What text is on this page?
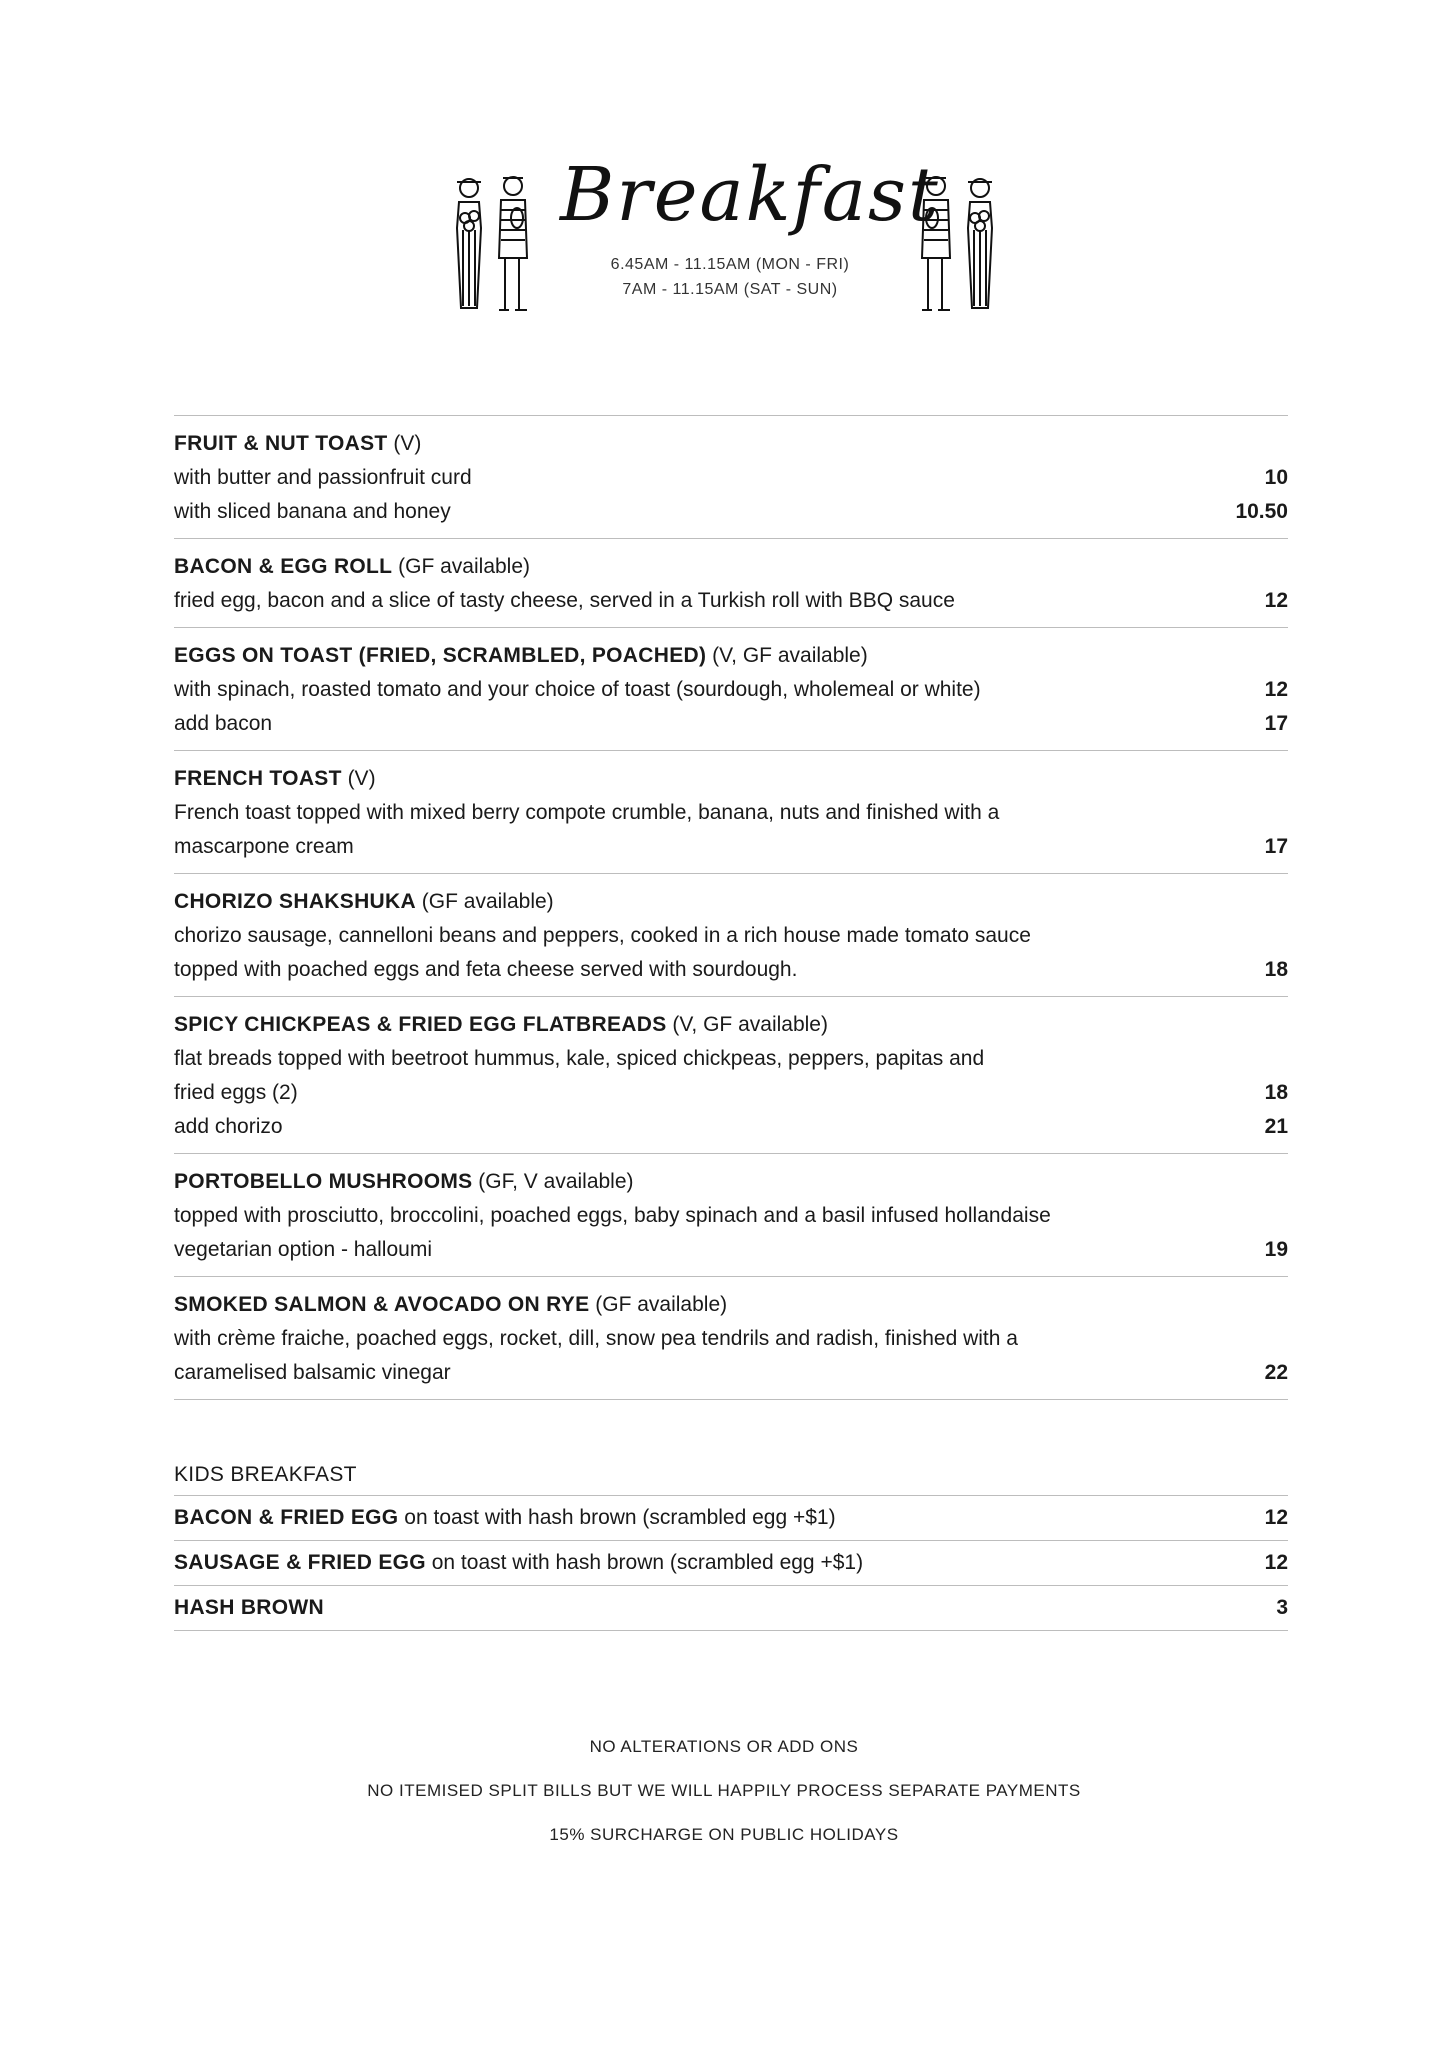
Breakfast
6.45AM - 11.15AM (MON - FRI)
7AM - 11.15AM (SAT - SUN)
FRUIT & NUT TOAST (V)
with butter and passionfruit curd	10
with sliced banana and honey	10.50
BACON & EGG ROLL (GF available)
fried egg, bacon and a slice of tasty cheese, served in a Turkish roll with BBQ sauce	12
EGGS ON TOAST (FRIED, SCRAMBLED, POACHED) (V, GF available)
with spinach, roasted tomato and your choice of toast (sourdough, wholemeal or white)	12
add bacon	17
FRENCH TOAST (V)
French toast topped with mixed berry compote crumble, banana, nuts and finished with a
mascarpone cream	17
CHORIZO SHAKSHUKA (GF available)
chorizo sausage, cannelloni beans and peppers, cooked in a rich house made tomato sauce
topped with poached eggs and feta cheese served with sourdough.	18
SPICY CHICKPEAS & FRIED EGG FLATBREADS (V, GF available)
flat breads topped with beetroot hummus, kale, spiced chickpeas, peppers, papitas and
fried eggs (2)	18
add chorizo	21
PORTOBELLO MUSHROOMS (GF, V available)
topped with prosciutto, broccolini, poached eggs, baby spinach and a basil infused hollandaise
vegetarian option - halloumi	19
SMOKED SALMON & AVOCADO ON RYE (GF available)
with crème fraiche, poached eggs, rocket, dill, snow pea tendrils and radish, finished with a
caramelised balsamic vinegar	22
KIDS BREAKFAST
BACON & FRIED EGG on toast with hash brown (scrambled egg +$1)	12
SAUSAGE & FRIED EGG on toast with hash brown (scrambled egg +$1)	12
HASH BROWN	3
NO ALTERATIONS OR ADD ONS
NO ITEMISED SPLIT BILLS BUT WE WILL HAPPILY PROCESS SEPARATE PAYMENTS
15% SURCHARGE ON PUBLIC HOLIDAYS
